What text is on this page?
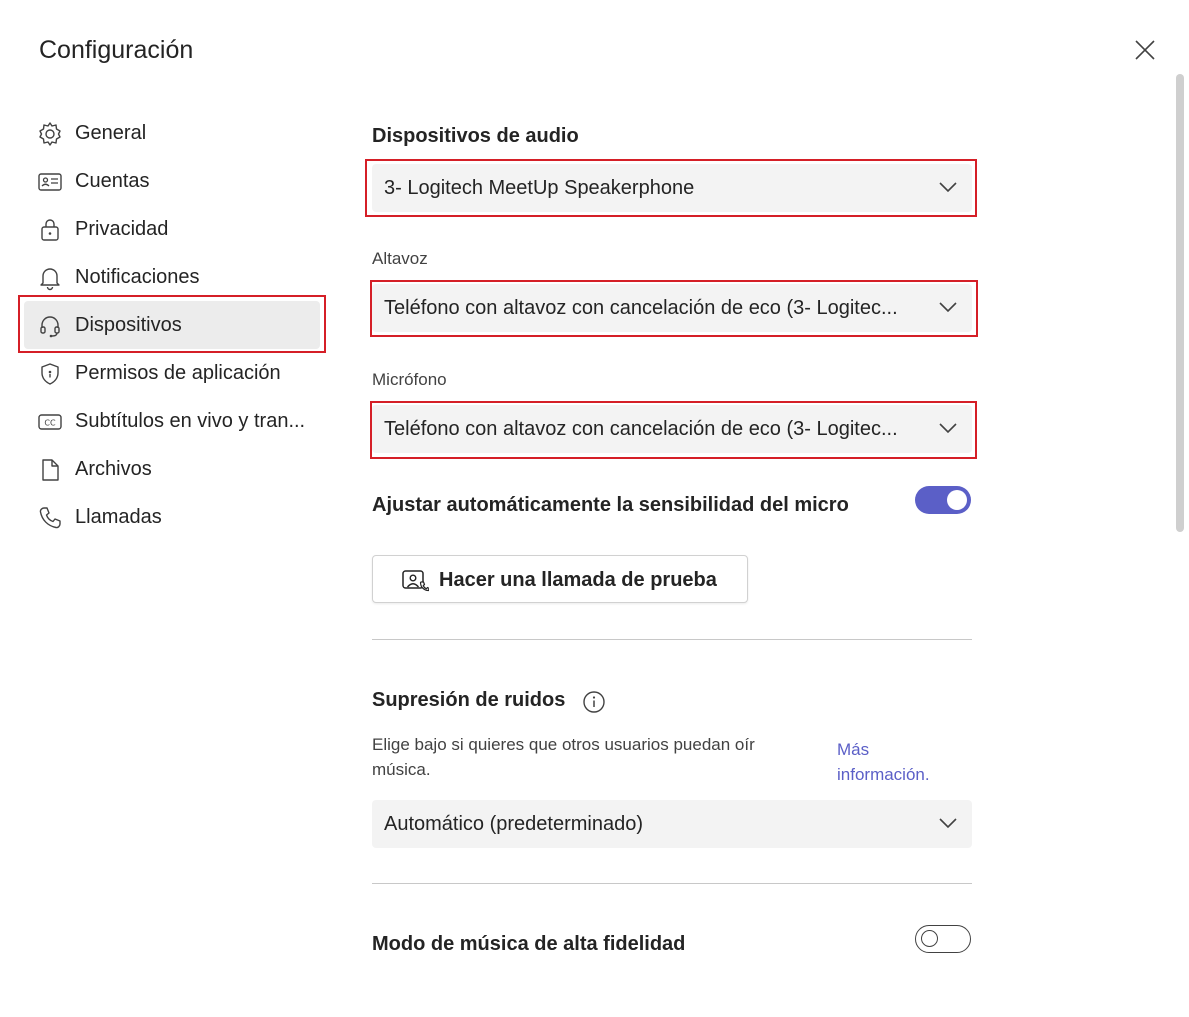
Configuración
General
Cuentas
Privacidad
Notificaciones
Dispositivos
Permisos de aplicación
CC Subtítulos en vivo y tran...
Archivos
Llamadas
Dispositivos de audio
3- Logitech MeetUp Speakerphone
Altavoz
Teléfono con altavoz con cancelación de eco (3- Logitec...
Micrófono
Teléfono con altavoz con cancelación de eco (3- Logitec...
Ajustar automáticamente la sensibilidad del micro
Hacer una llamada de prueba
Supresión de ruidos
Elige bajo si quieres que otros usuarios puedan oír
música.
Más
información.
Automático (predeterminado)
Modo de música de alta fidelidad
